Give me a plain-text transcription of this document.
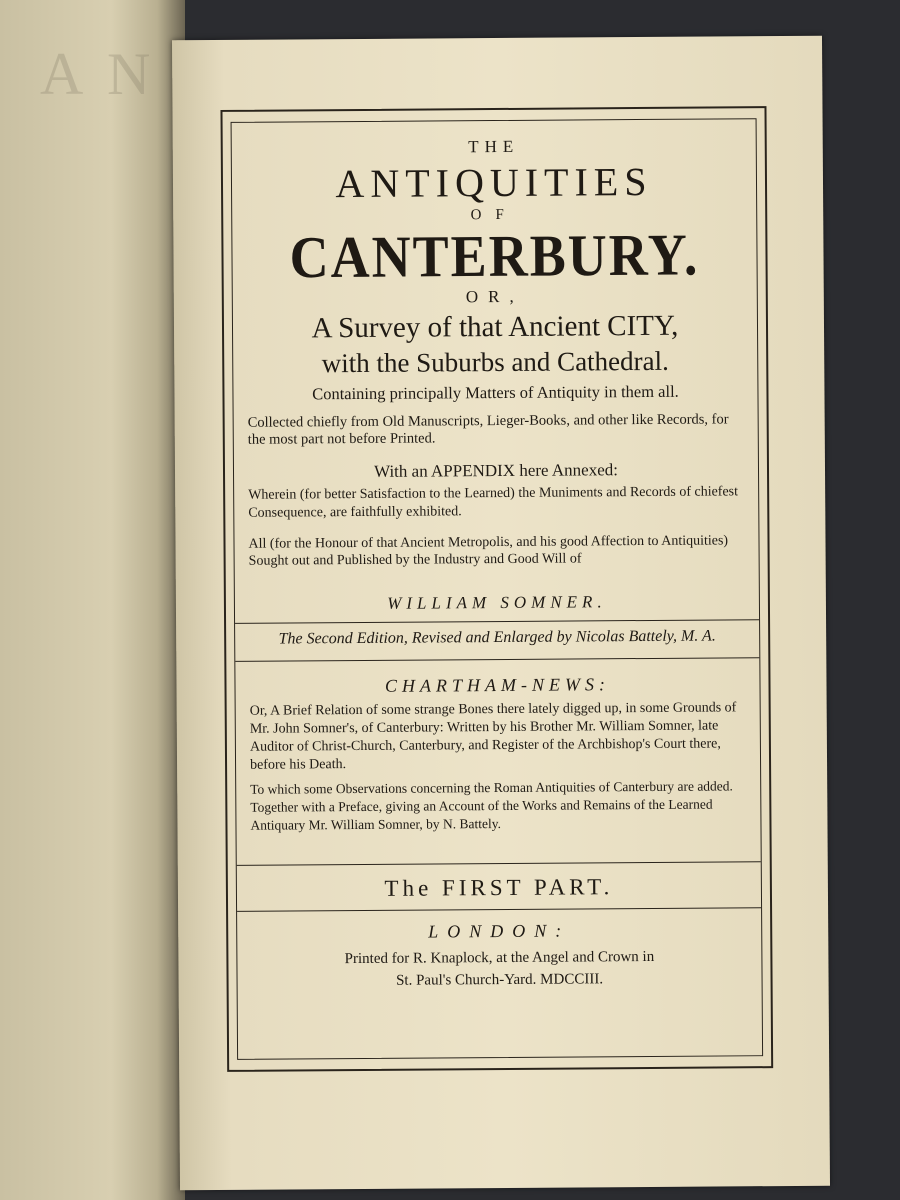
A N
THE
ANTIQUITIES
OF
CANTERBURY.
OR,
A Survey of that Ancient CITY,
with the Suburbs and Cathedral.
Containing principally Matters of Antiquity in them all.
Collected chiefly from Old Manuscripts, Lieger-Books, and other like Records, for the most part not before Printed.
With an APPENDIX here Annexed:
Wherein (for better Satisfaction to the Learned) the Muniments and Records of chiefest Consequence, are faithfully exhibited.
All (for the Honour of that Ancient Metropolis, and his good Affection to Antiquities) Sought out and Published by the Industry and Good Will of
WILLIAM SOMNER.
The Second Edition, Revised and Enlarged by Nicolas Battely, M. A.
CHARTHAM-NEWS:
Or, A Brief Relation of some strange Bones there lately digged up, in some Grounds of Mr. John Somner's, of Canterbury: Written by his Brother Mr. William Somner, late Auditor of Christ-Church, Canterbury, and Register of the Archbishop's Court there, before his Death.
To which some Observations concerning the Roman Antiquities of Canterbury are added. Together with a Preface, giving an Account of the Works and Remains of the Learned Antiquary Mr. William Somner, by N. Battely.
The FIRST PART.
LONDON:
Printed for R. Knaplock, at the Angel and Crown in
St. Paul's Church-Yard. MDCCIII.
